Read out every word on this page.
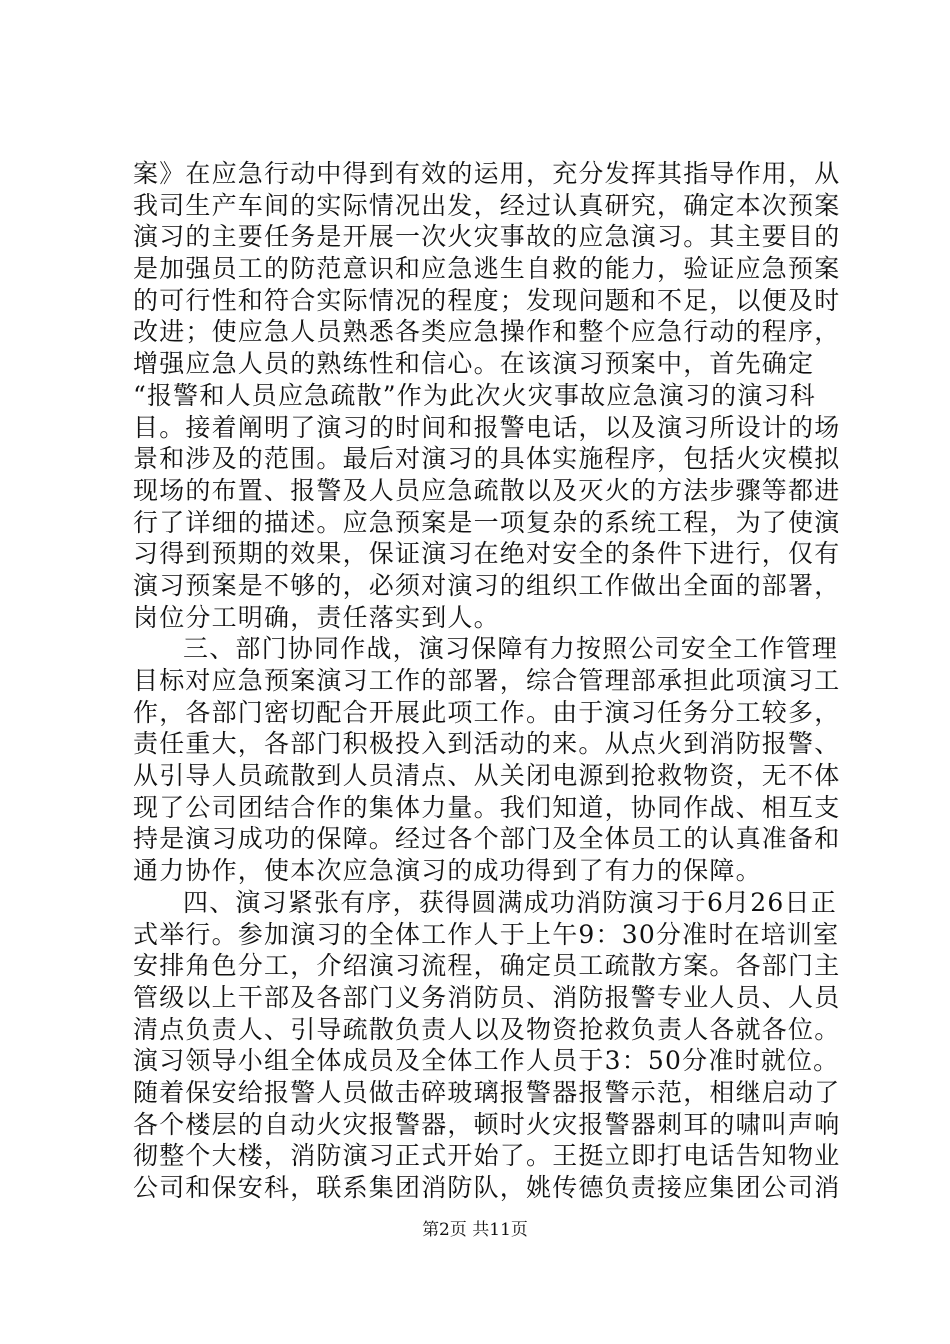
案》在应急行动中得到有效的运用，充分发挥其指导作用，从
我司生产车间的实际情况出发，经过认真研究，确定本次预案
演习的主要任务是开展一次火灾事故的应急演习。其主要目的
是加强员工的防范意识和应急逃生自救的能力，验证应急预案
的可行性和符合实际情况的程度；发现问题和不足，以便及时
改进；使应急人员熟悉各类应急操作和整个应急行动的程序，
增强应急人员的熟练性和信心。在该演习预案中，首先确定
“报警和人员应急疏散”作为此次火灾事故应急演习的演习科
目。接着阐明了演习的时间和报警电话，以及演习所设计的场
景和涉及的范围。最后对演习的具体实施程序，包括火灾模拟
现场的布置、报警及人员应急疏散以及灭火的方法步骤等都进
行了详细的描述。应急预案是一项复杂的系统工程，为了使演
习得到预期的效果，保证演习在绝对安全的条件下进行，仅有
演习预案是不够的，必须对演习的组织工作做出全面的部署，
岗位分工明确，责任落实到人。
三、部门协同作战，演习保障有力按照公司安全工作管理
目标对应急预案演习工作的部署，综合管理部承担此项演习工
作，各部门密切配合开展此项工作。由于演习任务分工较多，
责任重大，各部门积极投入到活动的来。从点火到消防报警、
从引导人员疏散到人员清点、从关闭电源到抢救物资，无不体
现了公司团结合作的集体力量。我们知道，协同作战、相互支
持是演习成功的保障。经过各个部门及全体员工的认真准备和
通力协作，使本次应急演习的成功得到了有力的保障。
四、演习紧张有序，获得圆满成功消防演习于6月26日正
式举行。参加演习的全体工作人于上午9：30分准时在培训室
安排角色分工，介绍演习流程，确定员工疏散方案。各部门主
管级以上干部及各部门义务消防员、消防报警专业人员、人员
清点负责人、引导疏散负责人以及物资抢救负责人各就各位。
演习领导小组全体成员及全体工作人员于3：50分准时就位。
随着保安给报警人员做击碎玻璃报警器报警示范，相继启动了
各个楼层的自动火灾报警器，顿时火灾报警器刺耳的啸叫声响
彻整个大楼，消防演习正式开始了。王挺立即打电话告知物业
公司和保安科，联系集团消防队，姚传德负责接应集团公司消
第2页 共11页
